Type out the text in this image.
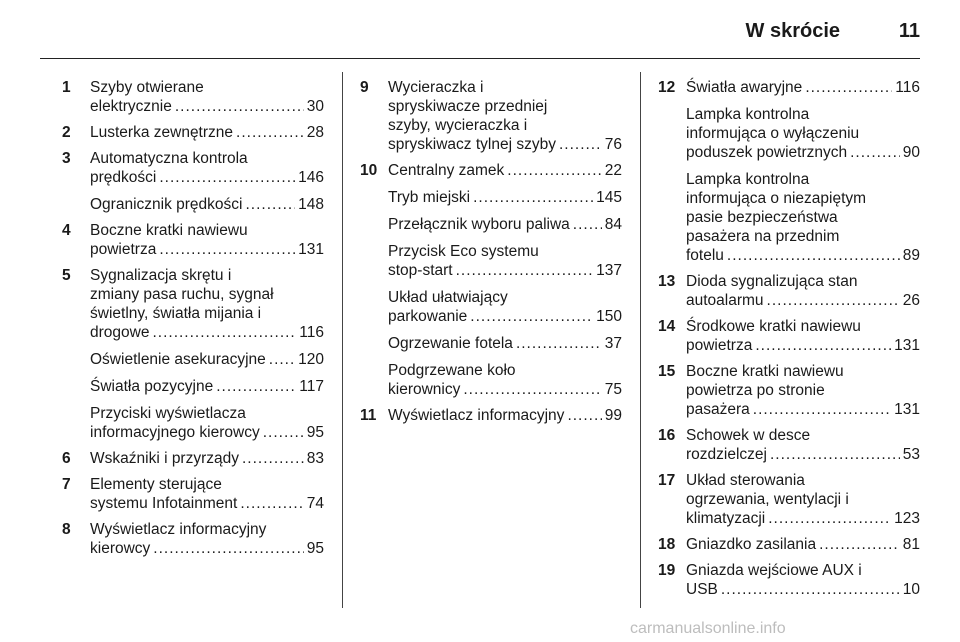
W skrócie	11
1 Szyby otwierane
elektrycznie .....	30
2 Lusterka zewnętrzne .....	28
3 Automatyczna kontrola
prędkości .....	146
Ogranicznik prędkości .....	148
4 Boczne kratki nawiewu
powietrza .....	131
5 Sygnalizacja skrętu i
zmiany pasa ruchu, sygnał
świetlny, światła mijania i
drogowe .....	116
Oświetlenie asekuracyjne ..... 120
Światła pozycyjne .....	117
Przyciski wyświetlacza
informacyjnego kierowcy .....	95
6 Wskaźniki i przyrządy .....	83
7 Elementy sterujące
systemu Infotainment .....	74
8 Wyświetlacz informacyjny
kierowcy .....	95
9 Wycieraczka i
spryskiwacze przedniej
szyby, wycieraczka i
spryskiwacz tylnej szyby .....	76
10 Centralny zamek .....	22
Tryb miejski .....	145
Przełącznik wyboru paliwa ..... 84
Przycisk Eco systemu
stop-start .....	137
Układ ułatwiający
parkowanie .....	150
Ogrzewanie fotela .....	37
Podgrzewane koło
kierownicy .....	75
11 Wyświetlacz informacyjny .....	99
12 Światła awaryjne .....	116
Lampka kontrolna
informująca o wyłączeniu
poduszek powietrznych .....	90
Lampka kontrolna
informująca o niezapiętym
pasie bezpieczeństwa
pasażera na przednim
fotelu .....	89
13 Dioda sygnalizująca stan
autoalarmu .....	26
14 Środkowe kratki nawiewu
powietrza .....	131
15 Boczne kratki nawiewu
powietrza po stronie
pasażera .....	131
16 Schowek w desce
rozdzielczej .....	53
17 Układ sterowania
ogrzewania, wentylacji i
klimatyzacji .....	123
18 Gniazdko zasilania .....	81
19 Gniazda wejściowe AUX i
USB .....	10
carmanualsonline.info
